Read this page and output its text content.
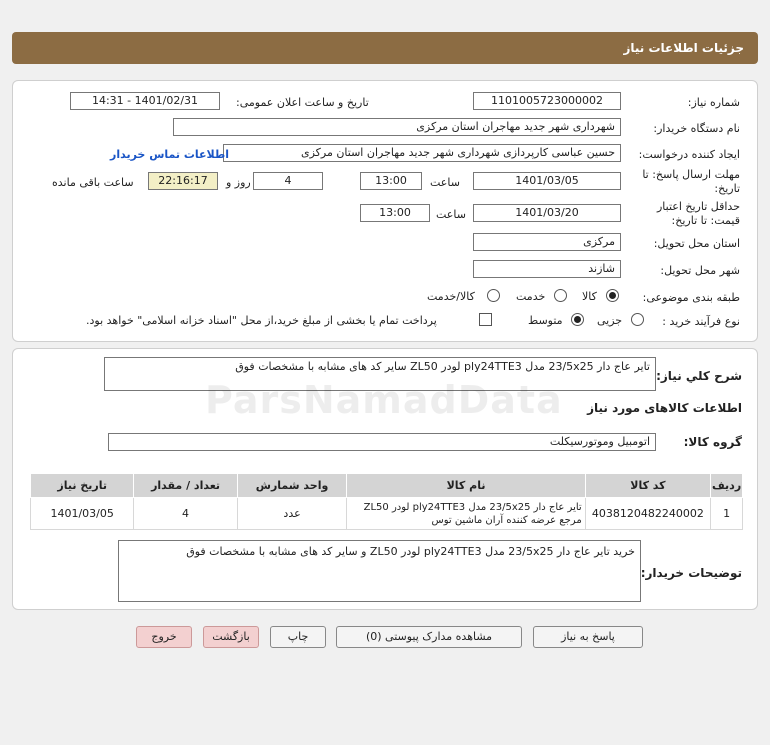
جزئیات اطلاعات نیاز
شماره نیاز:
1101005723000002
تاریخ و ساعت اعلان عمومی:
1401/02/31 - 14:31
نام دستگاه خریدار:
شهرداری شهر جدید مهاجران استان مرکزی
ایجاد کننده درخواست:
حسین عباسی کارپردازی شهرداری شهر جدید مهاجران استان مرکزی
اطلاعات تماس خریدار
مهلت ارسال پاسخ: تا تاریخ:
1401/03/05
ساعت
13:00
4
روز و
22:16:17
ساعت باقی مانده
حداقل تاریخ اعتبار قیمت: تا تاریخ:
1401/03/20
ساعت
13:00
استان محل تحویل:
مرکزی
شهر محل تحویل:
شازند
طبقه بندی موضوعی:
کالا
خدمت
کالا/خدمت
نوع فرآیند خرید :
جزیی
متوسط
پرداخت تمام یا بخشی از مبلغ خرید،از محل "اسناد خزانه اسلامی" خواهد بود.
شرح کلي نياز:
تایر عاج دار 23/5x25 مدل ply24TTE3 لودر ZL50 سایر کد های مشابه با مشخصات فوق
اطلاعات کالاهای مورد نیاز
گروه کالا:
اتومبیل وموتورسیکلت
ردیف	کد کالا	نام کالا	واحد شمارش	تعداد / مقدار	تاریخ نیاز
1	4038120482240002	تایر عاج دار 23/5x25 مدل ply24TTE3 لودر ZL50 مرجع عرضه کننده آران ماشین توس	عدد	4	1401/03/05
توضیحات خریدار:
خرید تایر عاج دار 23/5x25 مدل ply24TTE3 لودر ZL50 و سایر کد های مشابه با مشخصات فوق
پاسخ به نیاز
مشاهده مدارک پیوستی (0)
چاپ
بازگشت
خروج
